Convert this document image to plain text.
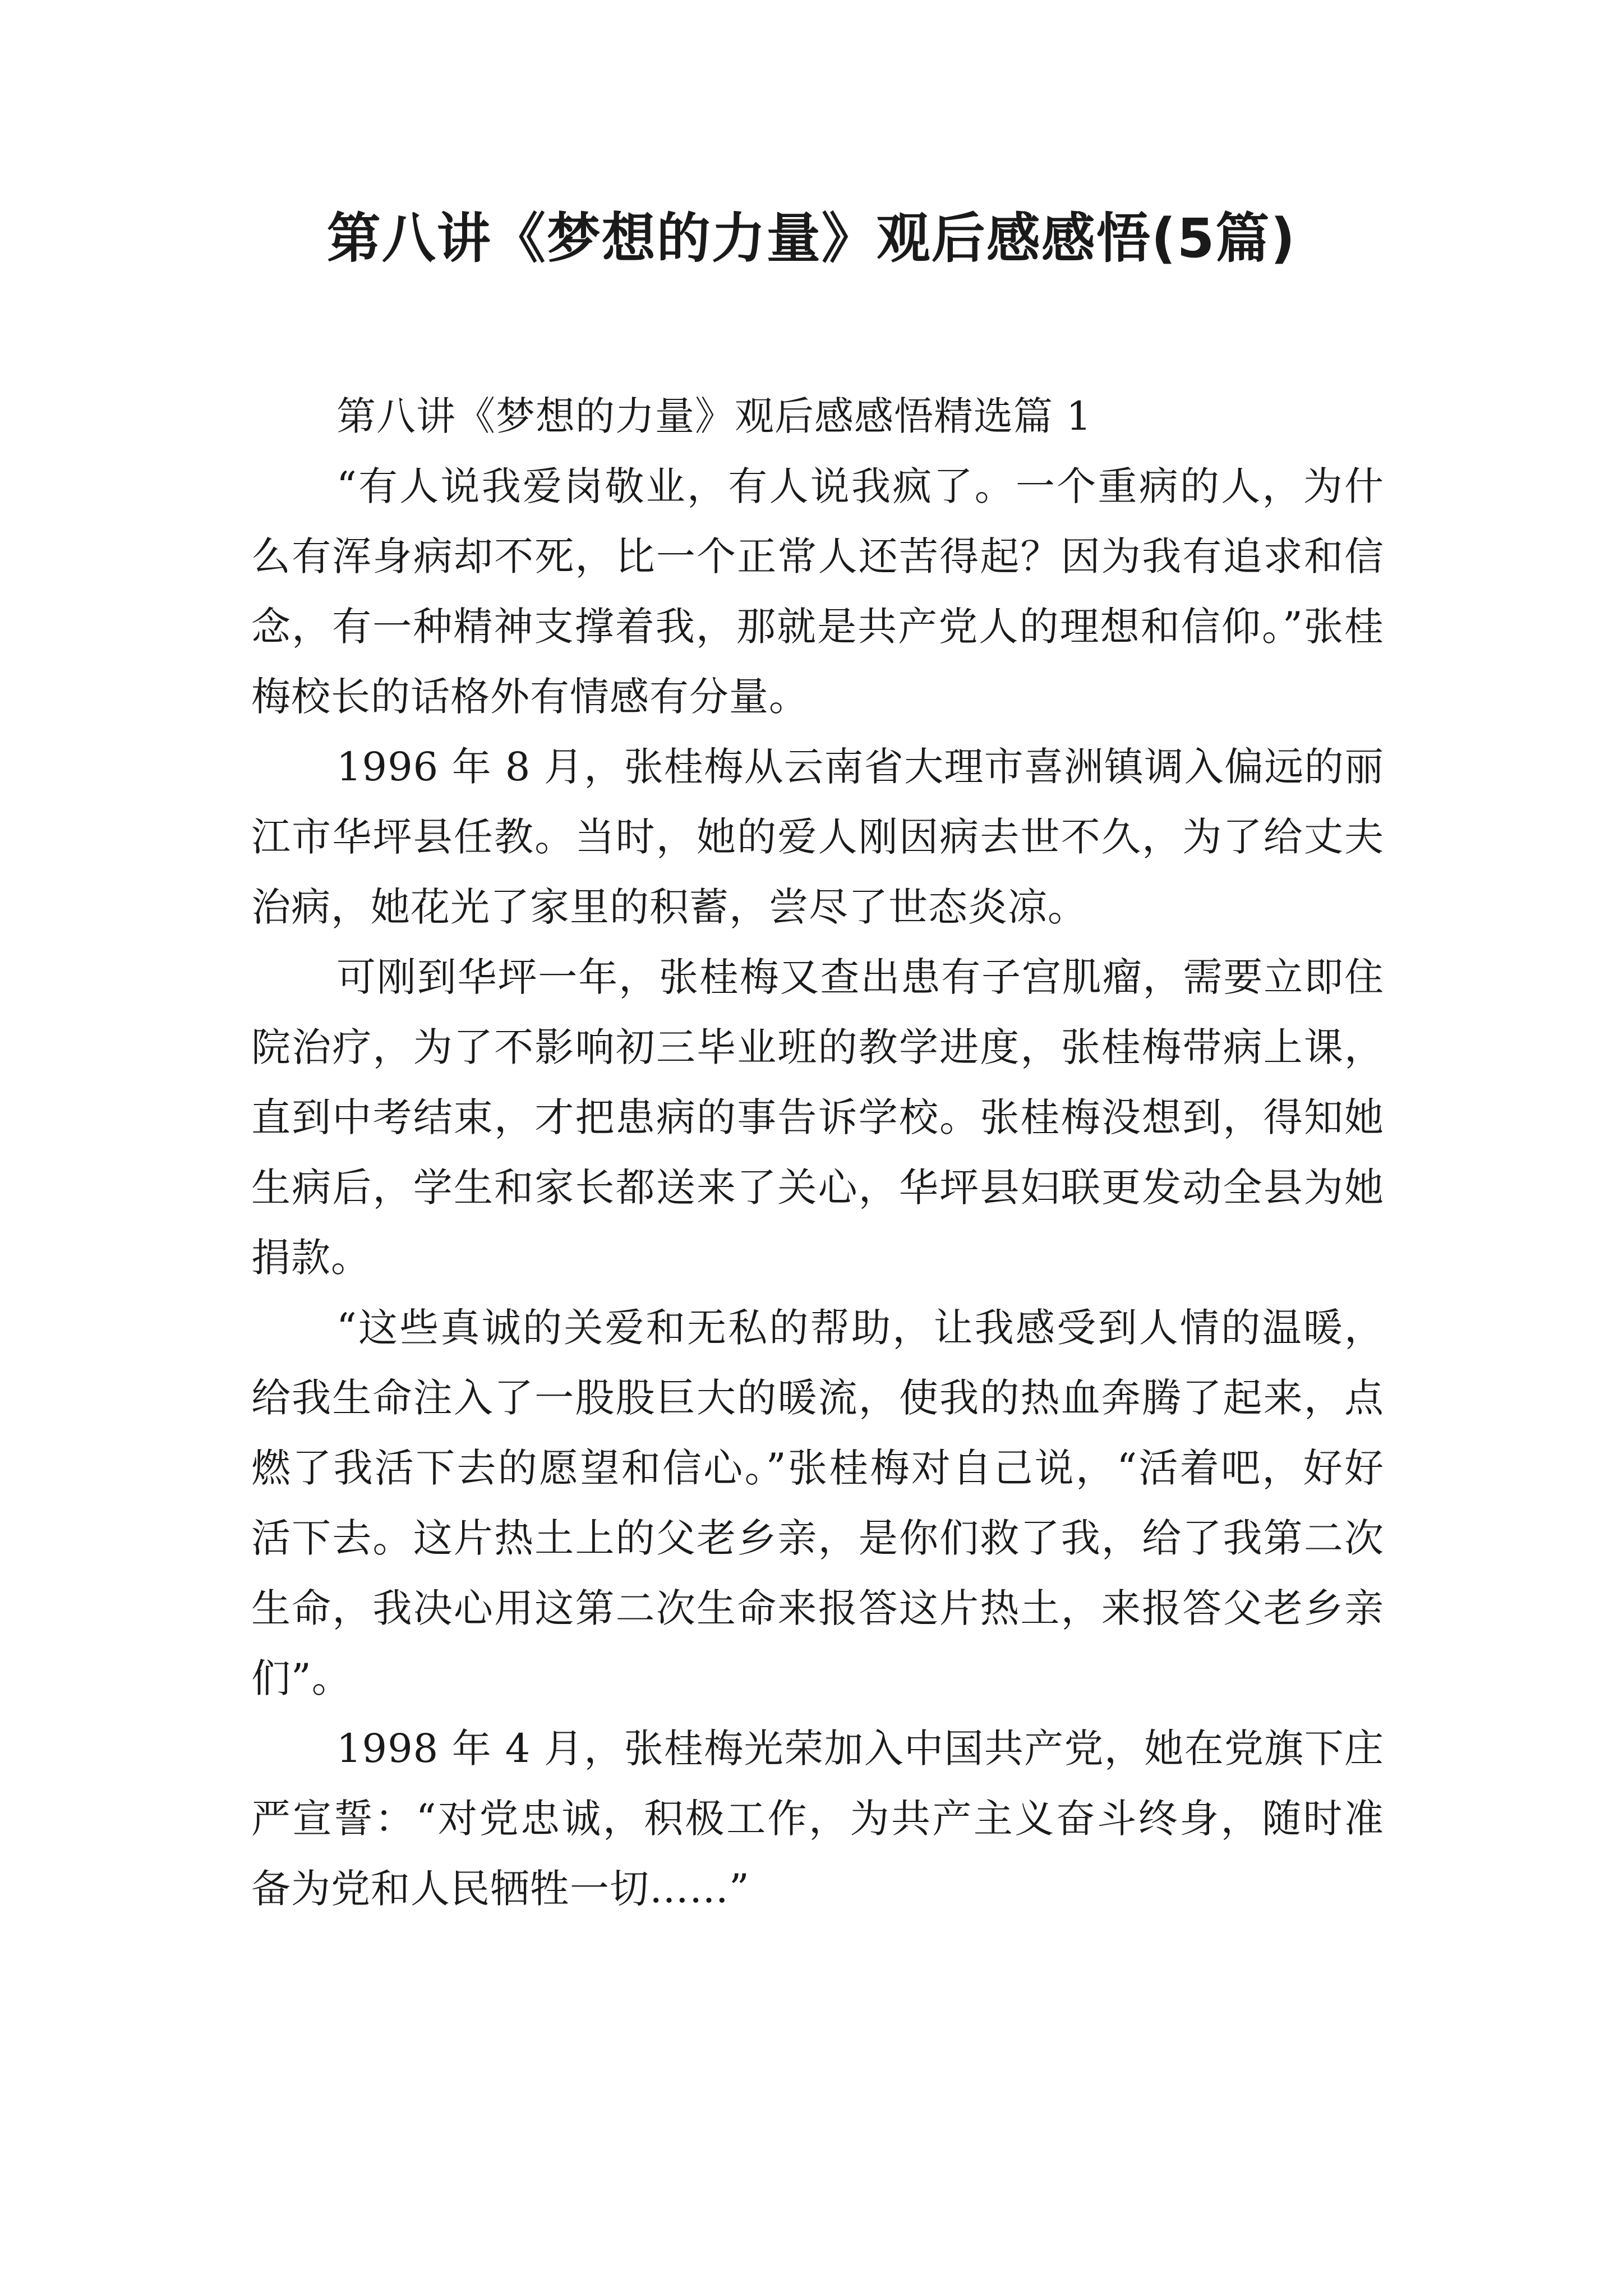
第八讲《梦想的力量》观后感感悟(5篇)

第八讲《梦想的力量》观后感感悟精选篇 1

“有人说我爱岗敬业，有人说我疯了。一个重病的人，为什么有浑身病却不死，比一个正常人还苦得起？因为我有追求和信念，有一种精神支撑着我，那就是共产党人的理想和信仰。”张桂梅校长的话格外有情感有分量。

1996 年 8 月，张桂梅从云南省大理市喜洲镇调入偏远的丽江市华坪县任教。当时，她的爱人刚因病去世不久，为了给丈夫治病，她花光了家里的积蓄，尝尽了世态炎凉。

可刚到华坪一年，张桂梅又查出患有子宫肌瘤，需要立即住院治疗，为了不影响初三毕业班的教学进度，张桂梅带病上课，直到中考结束，才把患病的事告诉学校。张桂梅没想到，得知她生病后，学生和家长都送来了关心，华坪县妇联更发动全县为她捐款。

“这些真诚的关爱和无私的帮助，让我感受到人情的温暖，给我生命注入了一股股巨大的暖流，使我的热血奔腾了起来，点燃了我活下去的愿望和信心。”张桂梅对自己说，“活着吧，好好活下去。这片热土上的父老乡亲，是你们救了我，给了我第二次生命，我决心用这第二次生命来报答这片热土，来报答父老乡亲们”。

1998 年 4 月，张桂梅光荣加入中国共产党，她在党旗下庄严宣誓：“对党忠诚，积极工作，为共产主义奋斗终身，随时准备为党和人民牺牲一切……”
